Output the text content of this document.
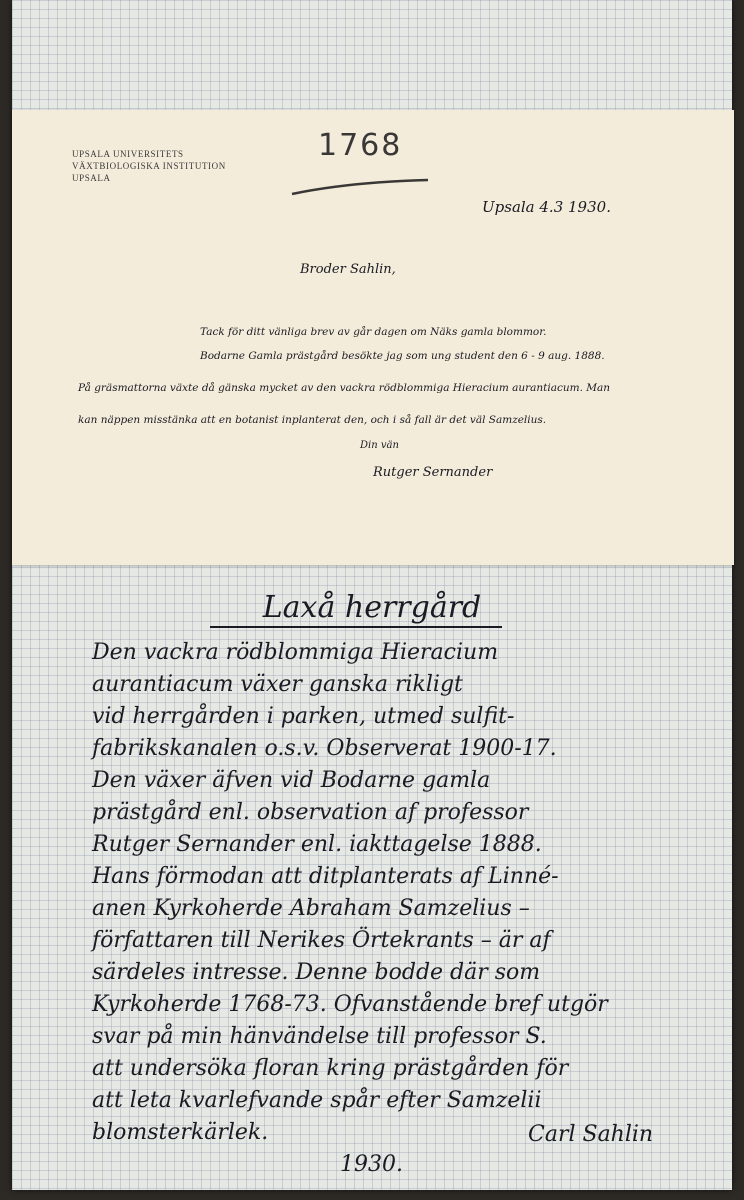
UPSALA UNIVERSITETS
VÄXTBIOLOGISKA INSTITUTION
UPSALA
1768
Upsala 4.3 1930.
Broder Sahlin,
Tack för ditt vänliga brev av går dagen om Näks gamla blommor.
Bodarne Gamla prästgård besökte jag som ung student den 6 - 9 aug. 1888.
På gräsmattorna växte då gänska mycket av den vackra rödblommiga Hieracium aurantiacum. Man
kan näppen misstänka att en botanist inplanterat den, och i så fall är det väl Samzelius.
Din vän
Rutger Sernander
Laxå herrgård
Den vackra rödblommiga Hieracium
aurantiacum växer ganska rikligt
vid herrgården i parken, utmed sulfit-
fabrikskanalen o.s.v. Observerat 1900-17.
Den växer äfven vid Bodarne gamla
prästgård enl. observation af professor
Rutger Sernander enl. iakttagelse 1888.
Hans förmodan att ditplanterats af Linné-
anen Kyrkoherde Abraham Samzelius –
författaren till Nerikes Örtekrants – är af
särdeles intresse. Denne bodde där som
Kyrkoherde 1768-73. Ofvanstående bref utgör
svar på min hänvändelse till professor S.
att undersöka floran kring prästgården för
att leta kvarlefvande spår efter Samzelii
blomsterkärlek.	Carl Sahlin
1930.
